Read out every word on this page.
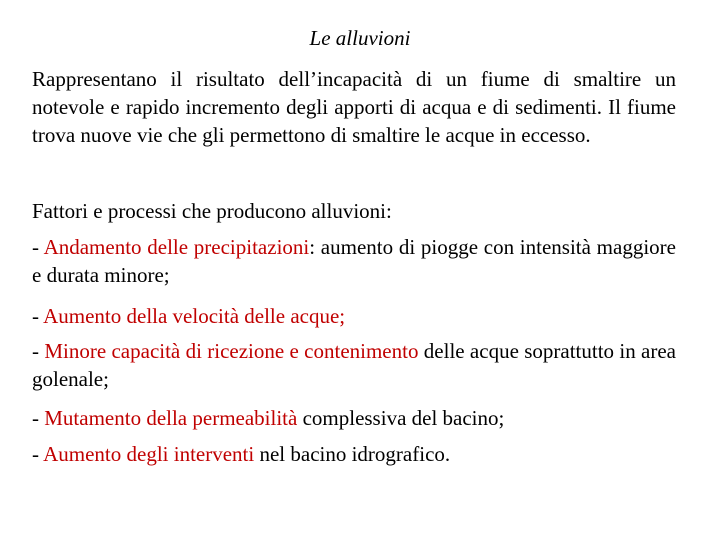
Le alluvioni

Rappresentano il risultato dell’incapacità di un fiume di smaltire un notevole e rapido incremento degli apporti di acqua e di sedimenti. Il fiume trova nuove vie che gli permettono di smaltire le acque in eccesso.

Fattori e processi che producono alluvioni:

- Andamento delle precipitazioni: aumento di piogge con intensità maggiore e durata minore;

- Aumento della velocità delle acque;

- Minore capacità di ricezione e contenimento delle acque soprattutto in area golenale;

- Mutamento della permeabilità complessiva del bacino;

- Aumento degli interventi nel bacino idrografico.
